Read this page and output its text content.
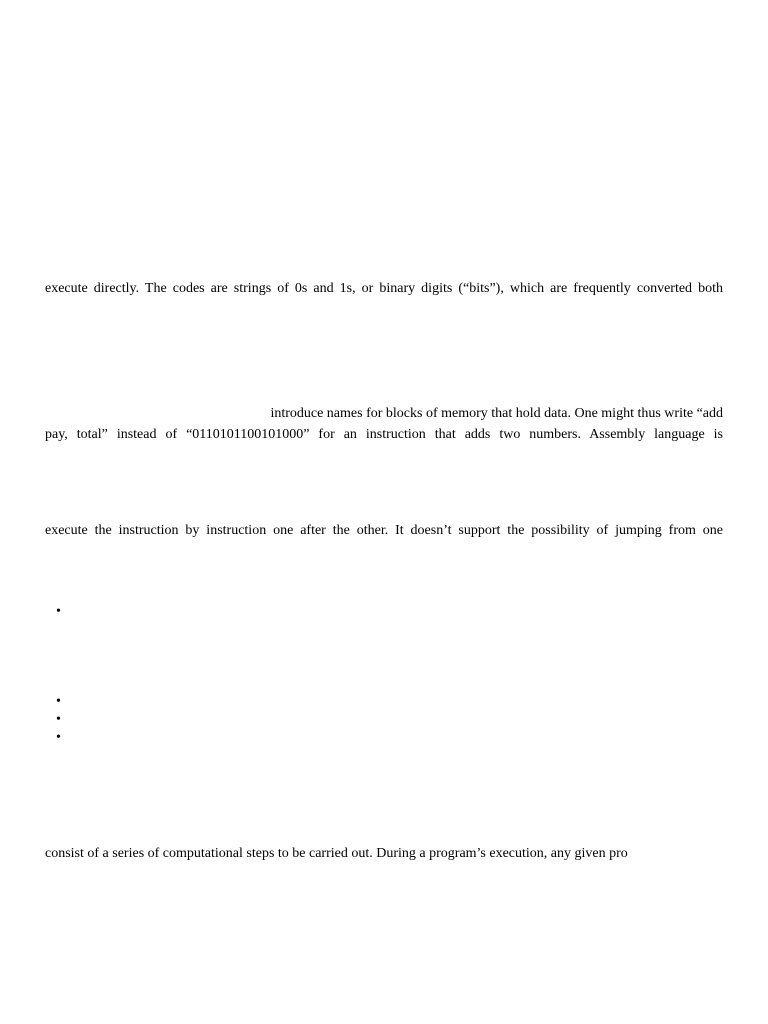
execute directly. The codes are strings of 0s and 1s, or binary digits (“bits”), which are frequently converted both
introduce names for blocks of memory that hold data. One might thus write “add
pay, total” instead of “0110101100101000” for an instruction that adds two numbers. Assembly language is
execute the instruction by instruction one after the other. It doesn’t support the possibility of jumping from one
•
•
•
•
consist of a series of computational steps to be carried out. During a program’s execution, any given pro
